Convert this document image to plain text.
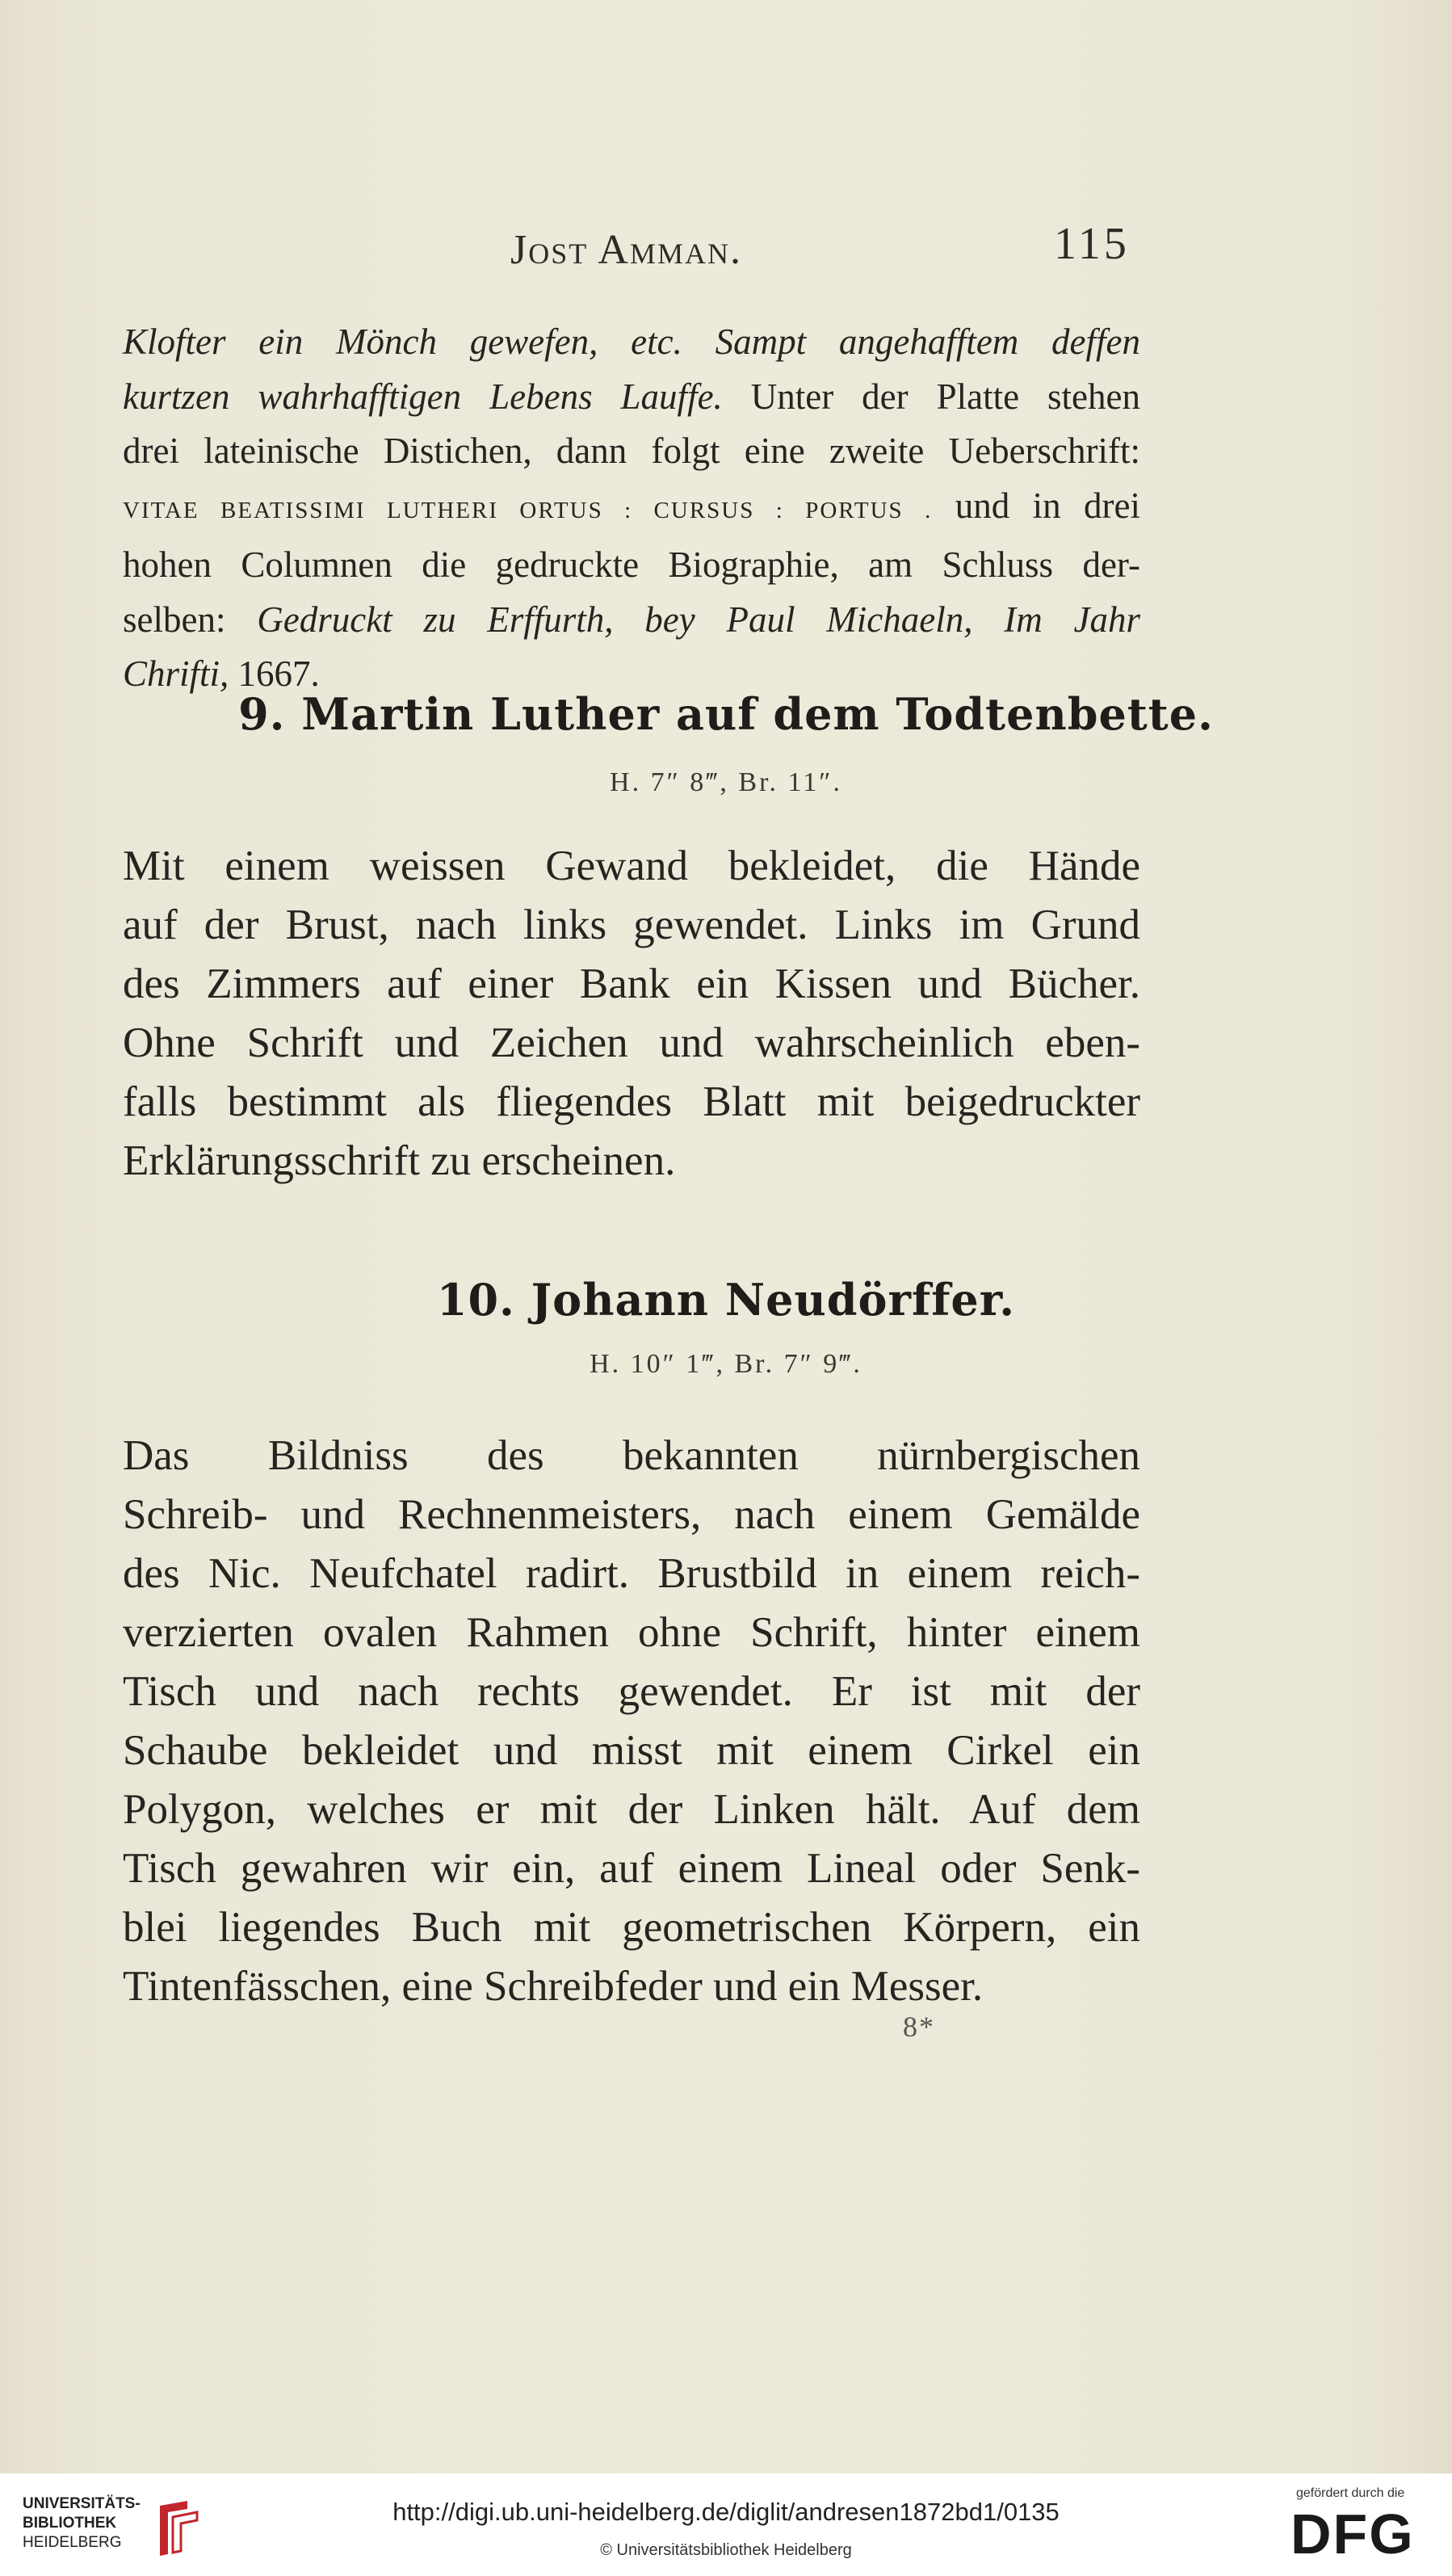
Jost Amman.	115
Klofter ein Mönch gewefen, etc. Sampt angehafftem deffen
kurtzen wahrhafftigen Lebens Lauffe. Unter der Platte stehen
drei lateinische Distichen, dann folgt eine zweite Ueberschrift:
VITAE BEATISSIMI LUTHERI ORTUS : CURSUS : PORTUS . und in drei
hohen Columnen die gedruckte Biographie, am Schluss der-
selben: Gedruckt zu Erffurth, bey Paul Michaeln, Im Jahr
Chrifti, 1667.
9. Martin Luther auf dem Todtenbette.
H. 7″ 8‴, Br. 11″.
Mit einem weissen Gewand bekleidet, die Hände
auf der Brust, nach links gewendet. Links im Grund
des Zimmers auf einer Bank ein Kissen und Bücher.
Ohne Schrift und Zeichen und wahrscheinlich eben-
falls bestimmt als fliegendes Blatt mit beigedruckter
Erklärungsschrift zu erscheinen.
10. Johann Neudörffer.
H. 10″ 1‴, Br. 7″ 9‴.
Das Bildniss des bekannten nürnbergischen
Schreib- und Rechnenmeisters, nach einem Gemälde
des Nic. Neufchatel radirt. Brustbild in einem reich-
verzierten ovalen Rahmen ohne Schrift, hinter einem
Tisch und nach rechts gewendet. Er ist mit der
Schaube bekleidet und misst mit einem Cirkel ein
Polygon, welches er mit der Linken hält. Auf dem
Tisch gewahren wir ein, auf einem Lineal oder Senk-
blei liegendes Buch mit geometrischen Körpern, ein
Tintenfässchen, eine Schreibfeder und ein Messer.
8*
UNIVERSITÄTS-
BIBLIOTHEK
HEIDELBERG
http://digi.ub.uni-heidelberg.de/diglit/andresen1872bd1/0135
© Universitätsbibliothek Heidelberg
gefördert durch die
DFG
